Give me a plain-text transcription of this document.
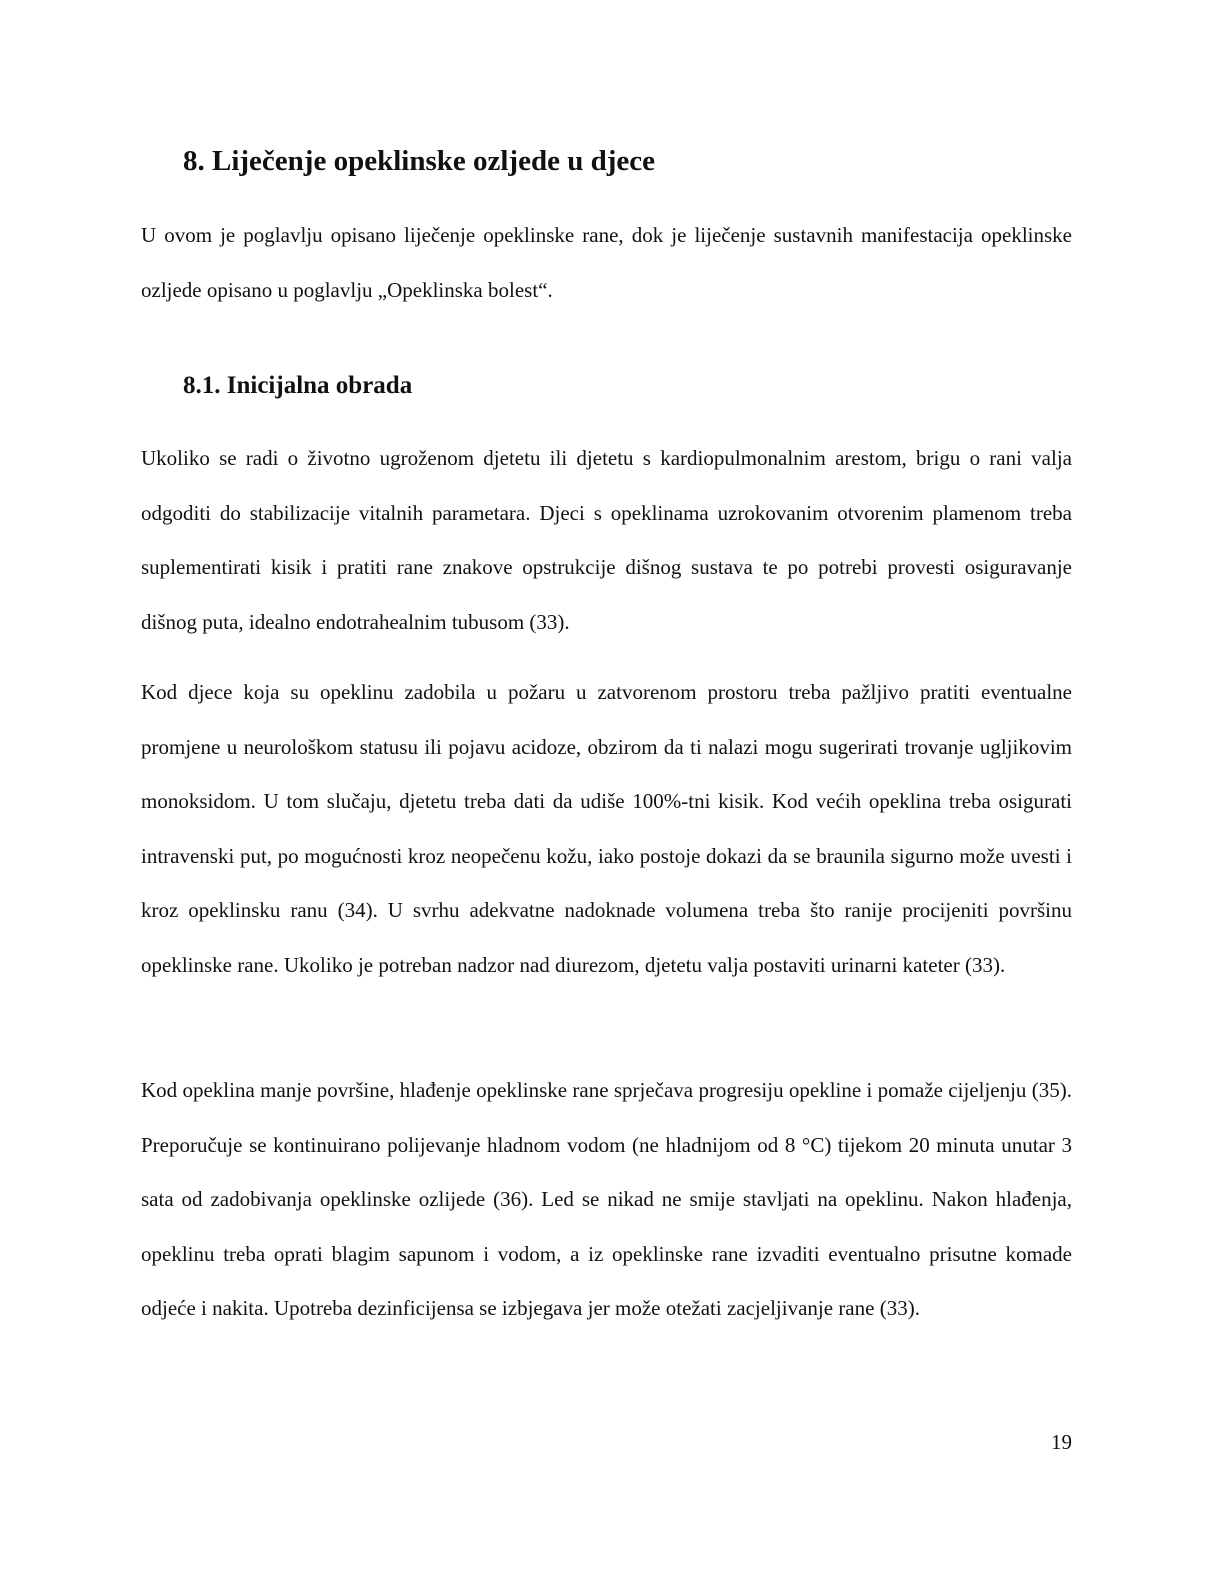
8. Liječenje opeklinske ozljede u djece

U ovom je poglavlju opisano liječenje opeklinske rane, dok je liječenje sustavnih manifestacija opeklinske ozljede opisano u poglavlju „Opeklinska bolest“.

8.1. Inicijalna obrada

Ukoliko se radi o životno ugroženom djetetu ili djetetu s kardiopulmonalnim arestom, brigu o rani valja odgoditi do stabilizacije vitalnih parametara. Djeci s opeklinama uzrokovanim otvorenim plamenom treba suplementirati kisik i pratiti rane znakove opstrukcije dišnog sustava te po potrebi provesti osiguravanje dišnog puta, idealno endotrahealnim tubusom (33).

Kod djece koja su opeklinu zadobila u požaru u zatvorenom prostoru treba pažljivo pratiti eventualne promjene u neurološkom statusu ili pojavu acidoze, obzirom da ti nalazi mogu sugerirati trovanje ugljikovim monoksidom. U tom slučaju, djetetu treba dati da udiše 100%-tni kisik. Kod većih opeklina treba osigurati intravenski put, po mogućnosti kroz neopečenu kožu, iako postoje dokazi da se braunila sigurno može uvesti i kroz opeklinsku ranu (34). U svrhu adekvatne nadoknade volumena treba što ranije procijeniti površinu opeklinske rane. Ukoliko je potreban nadzor nad diurezom, djetetu valja postaviti urinarni kateter (33).

Kod opeklina manje površine, hlađenje opeklinske rane sprječava progresiju opekline i pomaže cijeljenju (35). Preporučuje se kontinuirano polijevanje hladnom vodom (ne hladnijom od 8 °C) tijekom 20 minuta unutar 3 sata od zadobivanja opeklinske ozlijede (36). Led se nikad ne smije stavljati na opeklinu. Nakon hlađenja, opeklinu treba oprati blagim sapunom i vodom, a iz opeklinske rane izvaditi eventualno prisutne komade odjeće i nakita. Upotreba dezinficijensa se izbjegava jer može otežati zacjeljivanje rane (33).

19
